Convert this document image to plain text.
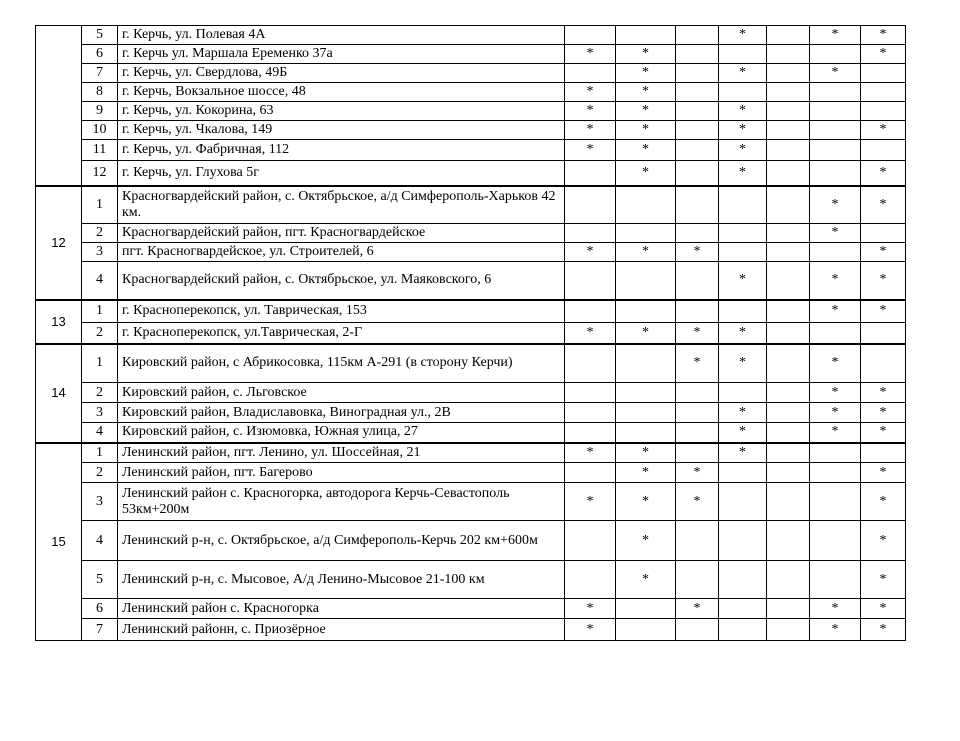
	5	г. Керчь, ул. Полевая 4А				*		*	*
	6	г. Керчь ул. Маршала Еременко 37а	*	*					*
	7	г. Керчь, ул. Свердлова, 49Б		*		*		*	
	8	г. Керчь, Вокзальное шоссе, 48	*	*					
	9	г. Керчь, ул. Кокорина, 63	*	*		*			
	10	г. Керчь, ул. Чкалова, 149	*	*		*			*
	11	г. Керчь, ул. Фабричная, 112	*	*		*			
	12	г. Керчь, ул. Глухова 5г		*		*			*
12	1	Красногвардейский район, с. Октябрьское, а/д Симферополь-Харьков 42 км.						*	*
	2	Красногвардейский район, пгт. Красногвардейское						*	
	3	пгт. Красногвардейское, ул. Строителей, 6	*	*	*				*
	4	Красногвардейский район, с. Октябрьское, ул. Маяковского, 6				*		*	*
13	1	г. Красноперекопск, ул. Таврическая, 153						*	*
	2	г. Красноперекопск, ул.Таврическая, 2-Г	*	*	*	*			
14	1	Кировский район, с Абрикосовка, 115км А-291 (в сторону Керчи)			*	*		*	
	2	Кировский район, с. Льговское						*	*
	3	Кировский район, Владиславовка, Виноградная ул., 2В				*		*	*
	4	Кировский район, с. Изюмовка, Южная улица, 27				*		*	*
15	1	Ленинский район, пгт. Ленино, ул. Шоссейная, 21	*	*		*			
	2	Ленинский район, пгт. Багерово		*	*				*
	3	Ленинский район с. Красногорка, автодорога Керчь-Севастополь 53км+200м	*	*	*				*
	4	Ленинский р-н, с. Октябрьское, а/д Симферополь-Керчь 202 км+600м		*					*
	5	Ленинский р-н, с. Мысовое, А/д Ленино-Мысовое 21-100 км		*					*
	6	Ленинский район с. Красногорка	*		*			*	*
	7	Ленинский районн, с. Приозёрное	*					*	*
